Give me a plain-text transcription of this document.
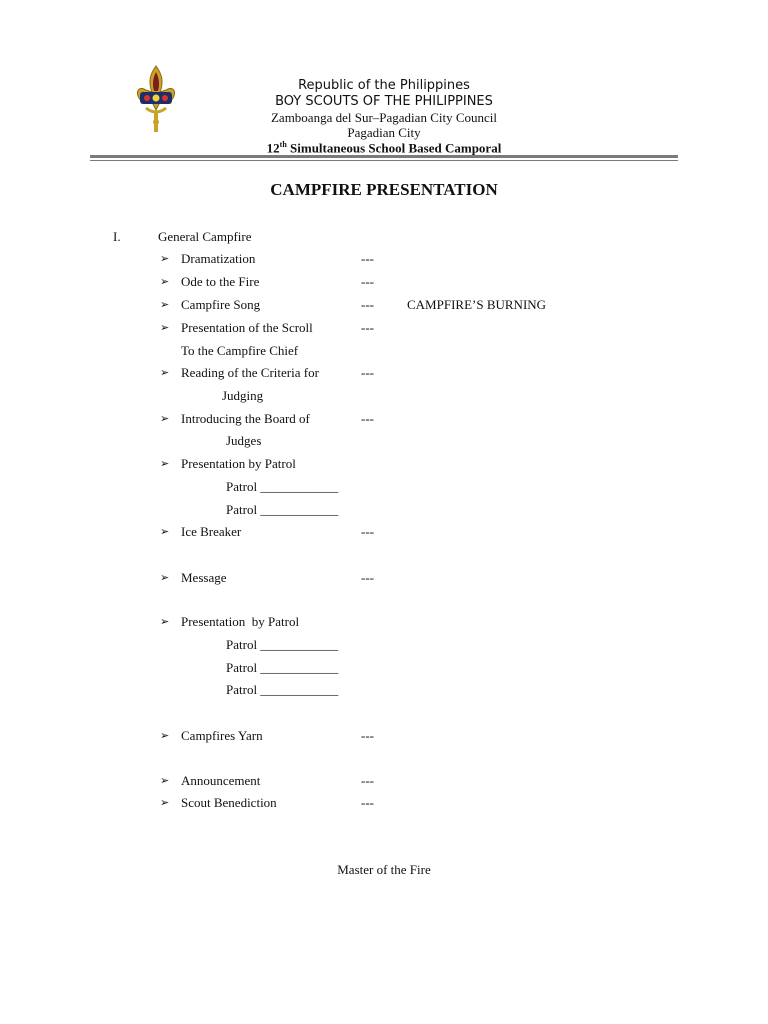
Republic of the Philippines
BOY SCOUTS OF THE PHILIPPINES
Zamboanga del Sur–Pagadian City Council
Pagadian City
12th Simultaneous School Based Camporal
CAMPFIRE PRESENTATION
I.	General Campfire
➢ Dramatization	---
➢ Ode to the Fire	---
➢ Campfire Song	---	CAMPFIRE’S BURNING
➢ Presentation of the Scroll	---
To the Campfire Chief
➢ Reading of the Criteria for	---
Judging
➢ Introducing the Board of	---
Judges
➢ Presentation by Patrol
Patrol ____________
Patrol ____________
➢ Ice Breaker	---
➢ Message	---
➢ Presentation  by Patrol
Patrol ____________
Patrol ____________
Patrol ____________
➢ Campfires Yarn	---
➢ Announcement	---
➢ Scout Benediction	---
Master of the Fire
